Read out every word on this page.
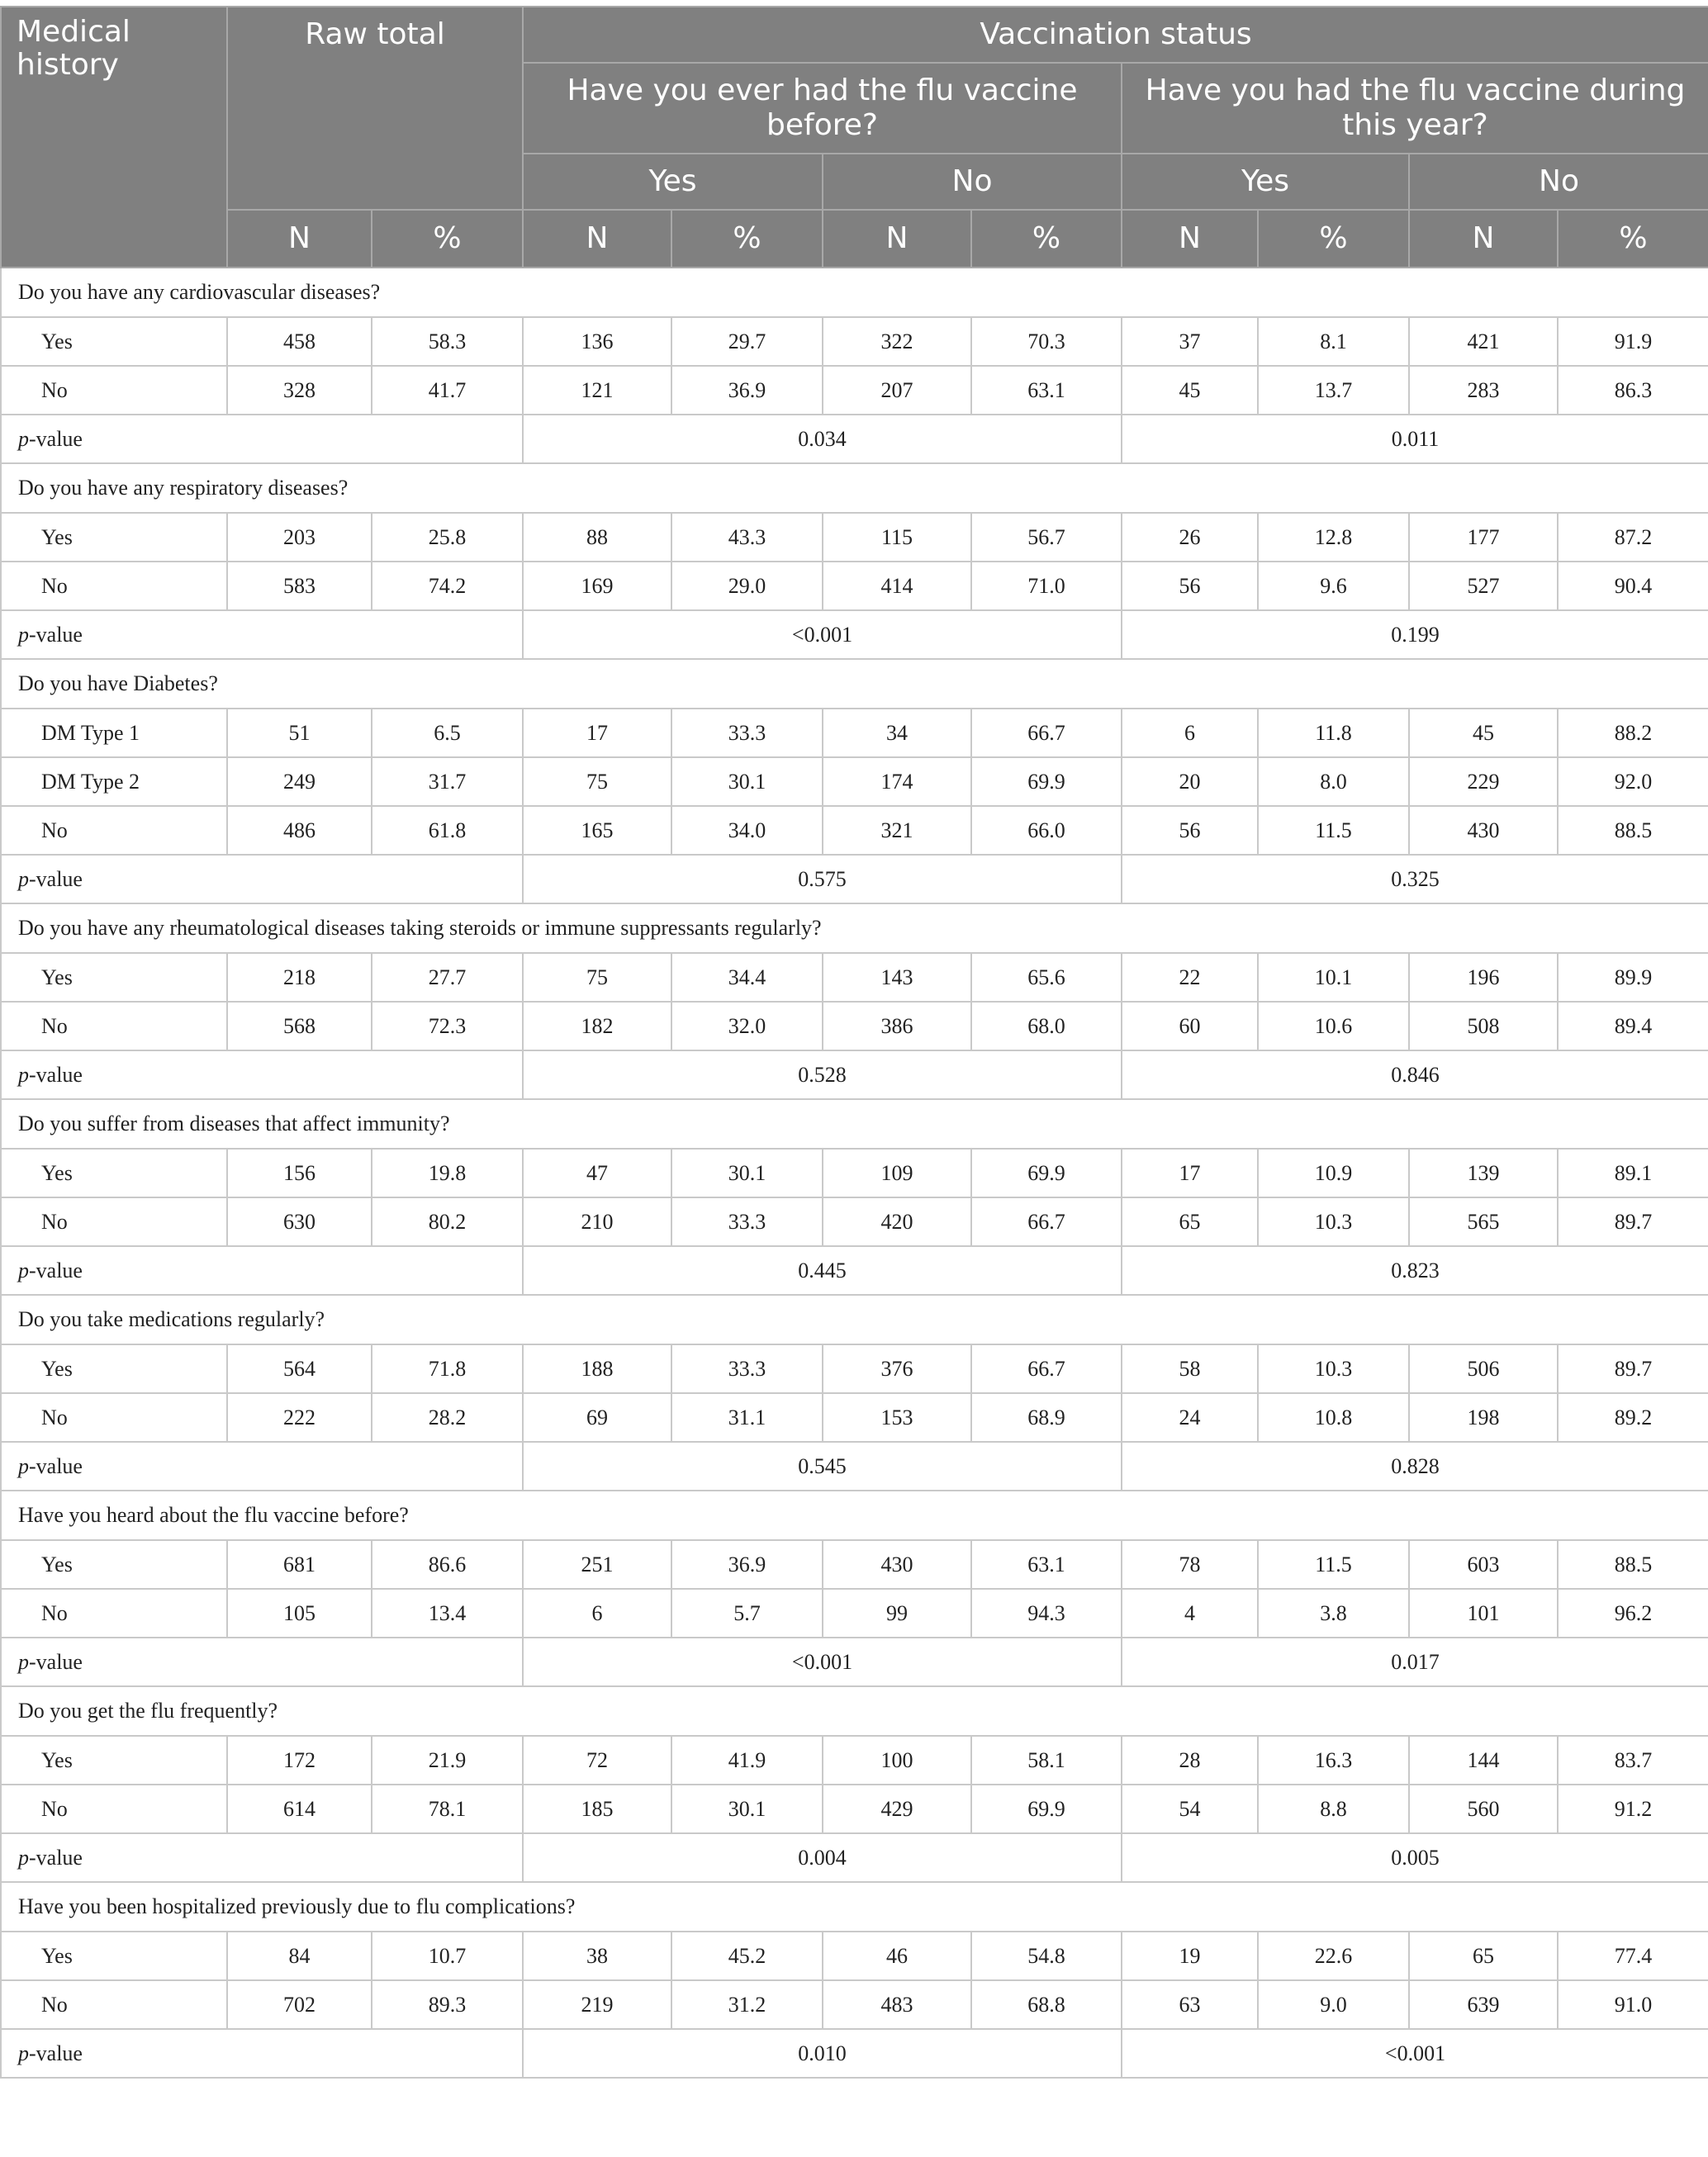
Medical history	Raw total		Vaccination status							
			Have you ever had the flu vaccine before?				Have you had the flu vaccine during this year?			
			Yes		No		Yes		No	
	N	%	N	%	N	%	N	%	N	%
Do you have any cardiovascular diseases?										
Yes	458	58.3	136	29.7	322	70.3	37	8.1	421	91.9
No	328	41.7	121	36.9	207	63.1	45	13.7	283	86.3
p-value			0.034				0.011			
Do you have any respiratory diseases?										
Yes	203	25.8	88	43.3	115	56.7	26	12.8	177	87.2
No	583	74.2	169	29.0	414	71.0	56	9.6	527	90.4
p-value			<0.001				0.199			
Do you have Diabetes?										
DM Type 1	51	6.5	17	33.3	34	66.7	6	11.8	45	88.2
DM Type 2	249	31.7	75	30.1	174	69.9	20	8.0	229	92.0
No	486	61.8	165	34.0	321	66.0	56	11.5	430	88.5
p-value			0.575				0.325			
Do you have any rheumatological diseases taking steroids or immune suppressants regularly?										
Yes	218	27.7	75	34.4	143	65.6	22	10.1	196	89.9
No	568	72.3	182	32.0	386	68.0	60	10.6	508	89.4
p-value			0.528				0.846			
Do you suffer from diseases that affect immunity?										
Yes	156	19.8	47	30.1	109	69.9	17	10.9	139	89.1
No	630	80.2	210	33.3	420	66.7	65	10.3	565	89.7
p-value			0.445				0.823			
Do you take medications regularly?										
Yes	564	71.8	188	33.3	376	66.7	58	10.3	506	89.7
No	222	28.2	69	31.1	153	68.9	24	10.8	198	89.2
p-value			0.545				0.828			
Have you heard about the flu vaccine before?										
Yes	681	86.6	251	36.9	430	63.1	78	11.5	603	88.5
No	105	13.4	6	5.7	99	94.3	4	3.8	101	96.2
p-value			<0.001				0.017			
Do you get the flu frequently?										
Yes	172	21.9	72	41.9	100	58.1	28	16.3	144	83.7
No	614	78.1	185	30.1	429	69.9	54	8.8	560	91.2
p-value			0.004				0.005			
Have you been hospitalized previously due to flu complications?										
Yes	84	10.7	38	45.2	46	54.8	19	22.6	65	77.4
No	702	89.3	219	31.2	483	68.8	63	9.0	639	91.0
p-value			0.010				<0.001			
